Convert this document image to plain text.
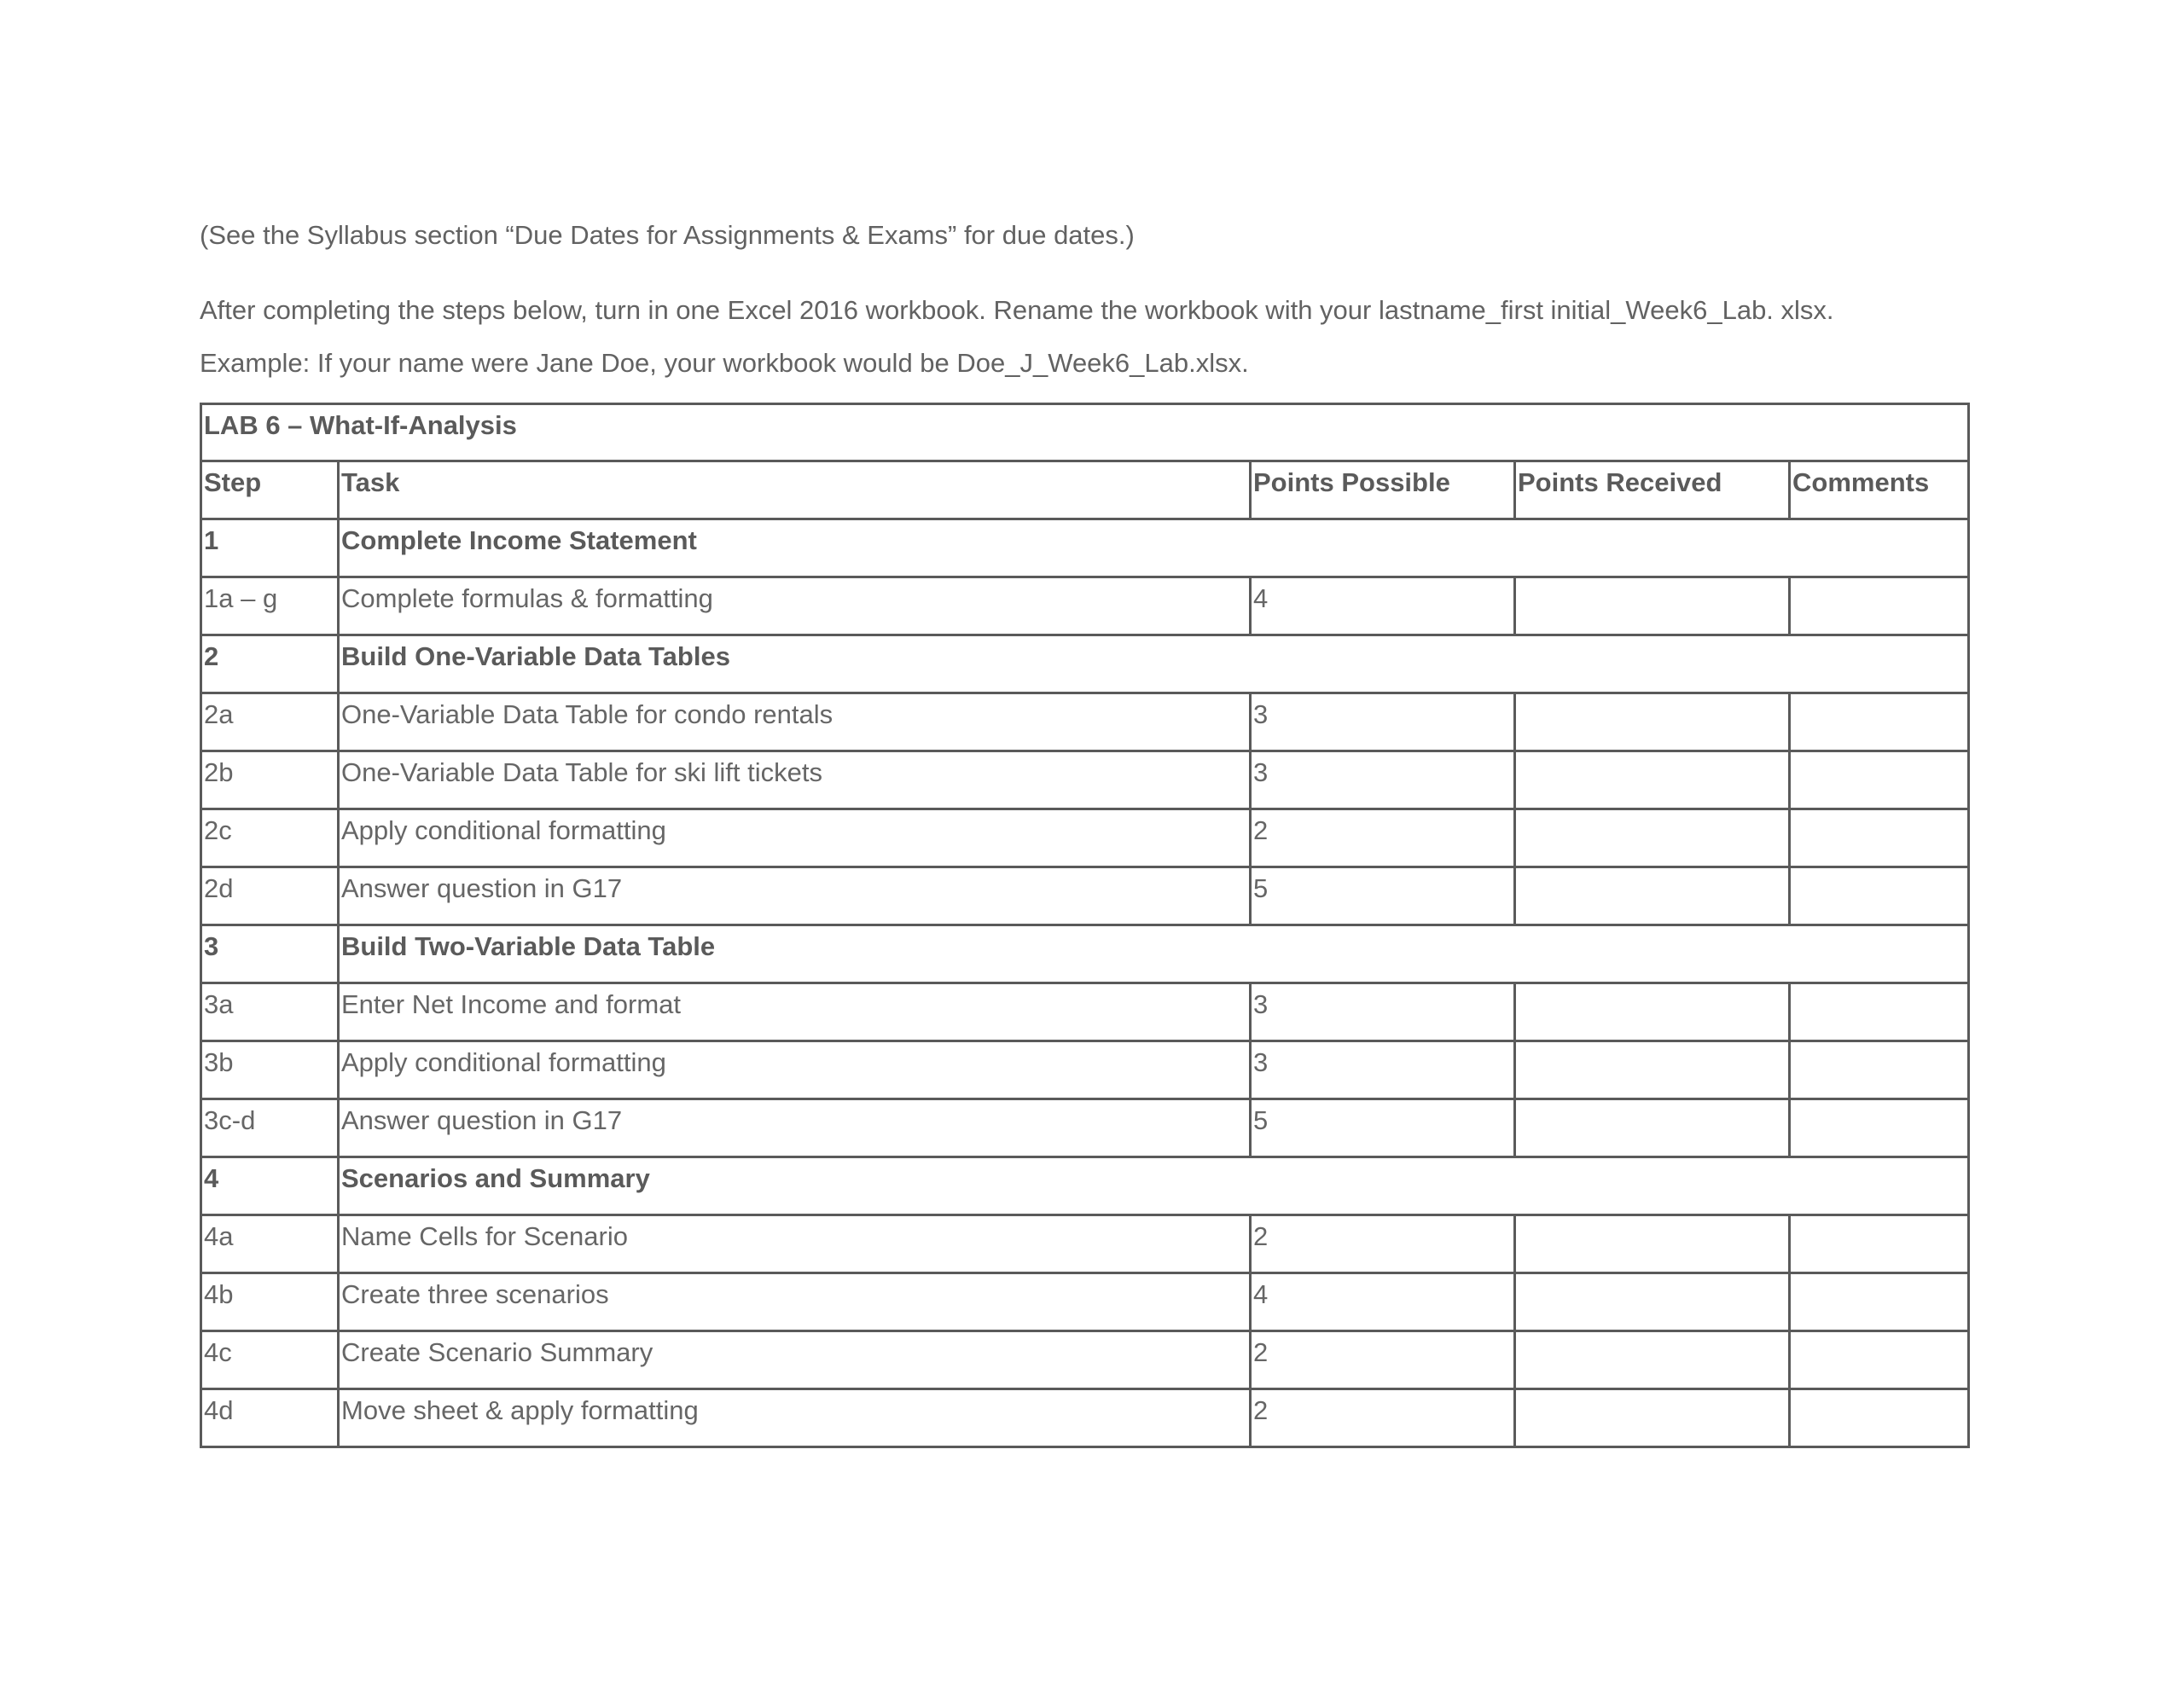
(See the Syllabus section “Due Dates for Assignments & Exams” for due dates.)
After completing the steps below, turn in one Excel 2016 workbook. Rename the workbook with your lastname_first initial_Week6_Lab. xlsx.
Example: If your name were Jane Doe, your workbook would be Doe_J_Week6_Lab.xlsx.
LAB 6 – What-If-Analysis				

Step	Task	Points Possible	Points Received	Comments

1	Complete Income Statement			

1a – g	Complete formulas & formatting	4		

2	Build One-Variable Data Tables			

2a	One-Variable Data Table for condo rentals	3		

2b	One-Variable Data Table for ski lift tickets	3		

2c	Apply conditional formatting	2		

2d	Answer question in G17	5		

3	Build Two-Variable Data Table			

3a	Enter Net Income and format	3		

3b	Apply conditional formatting	3		

3c-d	Answer question in G17	5		

4	Scenarios and Summary			

4a	Name Cells for Scenario	2		

4b	Create three scenarios	4		

4c	Create Scenario Summary	2		

4d	Move sheet & apply formatting	2		
